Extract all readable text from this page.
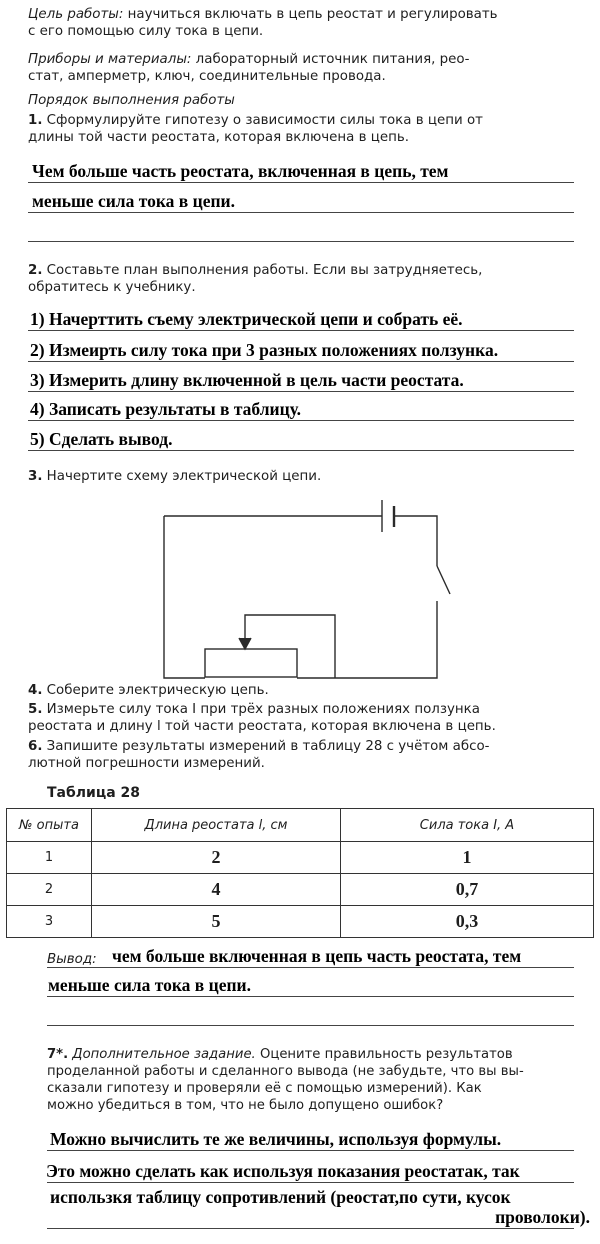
Цель работы: научиться включать в цепь реостат и регулировать
с его помощью силу тока в цепи.
Приборы и материалы: лабораторный источник питания, рео-
стат, амперметр, ключ, соединительные провода.
Порядок выполнения работы
1. Сформулируйте гипотезу о зависимости силы тока в цепи от
длины той части реостата, которая включена в цепь.
Чем больше часть реостата, включенная в цепь, тем
меньше сила тока в цепи.
2. Составьте план выполнения работы. Если вы затрудняетесь,
обратитесь к учебнику.
1) Начерттить съему электрической цепи и собрать её.
2) Измеирть силу тока при 3 разных положениях ползунка.
3) Измерить длину включенной в цель части реостата.
4) Записать результаты в таблицу.
5) Сделать вывод.
3. Начертите схему электрической цепи.
4. Соберите электрическую цепь.
5. Измерьте силу тока I при трёх разных положениях ползунка
реостата и длину l той части реостата, которая включена в цепь.
6. Запишите результаты измерений в таблицу 28 с учётом абсо-
лютной погрешности измерений.
Таблица 28
№ опыта	Длина реостата l, см	Сила тока I, А
1	2	1
2	4	0,7
3	5	0,3
Вывод: чем больше включенная в цепь часть реостата, тем
меньше сила тока в цепи.
7*. Дополнительное задание. Оцените правильность результатов
проделанной работы и сделанного вывода (не забудьте, что вы вы-
сказали гипотезу и проверяли её с помощью измерений). Как
можно убедиться в том, что не было допущено ошибок?
Можно вычислить те же величины, используя формулы.
Это можно сделать как используя показания реостатак, так
использкя таблицу сопротивлений (реостат,по сути, кусок
проволоки).
